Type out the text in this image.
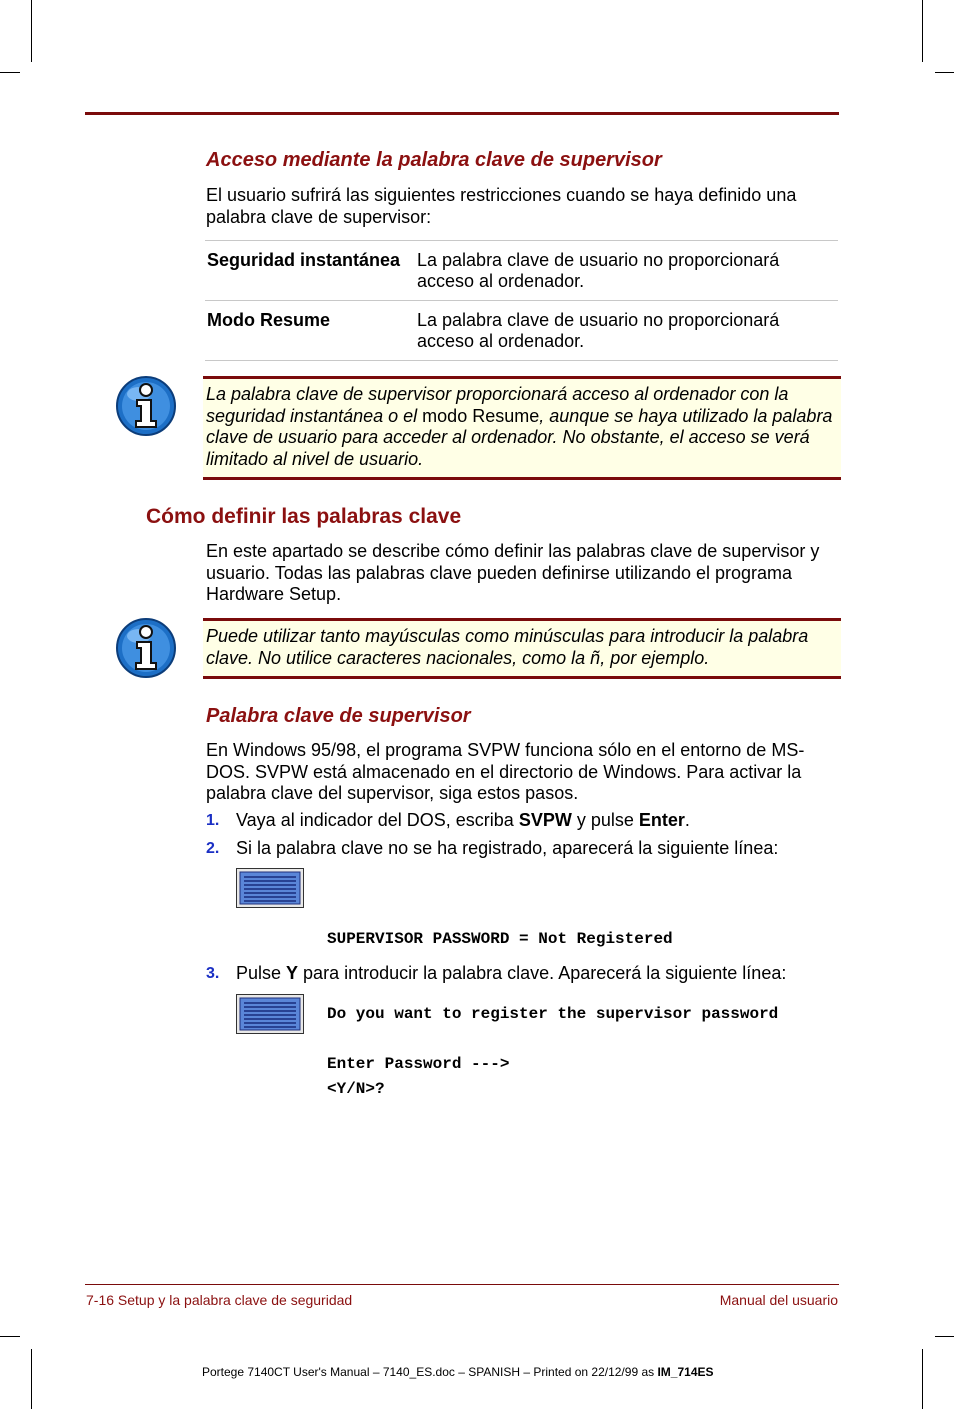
Acceso mediante la palabra clave de supervisor
El usuario sufrirá las siguientes restricciones cuando se haya definido una palabra clave de supervisor:
Seguridad instantánea La palabra clave de usuario no proporcionará acceso al ordenador.
Modo Resume	La palabra clave de usuario no proporcionará acceso al ordenador.
La palabra clave de supervisor proporcionará acceso al ordenador con la seguridad instantánea o el modo Resume, aunque se haya utilizado la palabra clave de usuario para acceder al ordenador. No obstante, el acceso se verá limitado al nivel de usuario.
Cómo definir las palabras clave
En este apartado se describe cómo definir las palabras clave de supervisor y usuario. Todas las palabras clave pueden definirse utilizando el programa Hardware Setup.
Puede utilizar tanto mayúsculas como minúsculas para introducir la palabra clave. No utilice caracteres nacionales, como la ñ, por ejemplo.
Palabra clave de supervisor
En Windows 95/98, el programa SVPW funciona sólo en el entorno de MS-DOS. SVPW está almacenado en el directorio de Windows. Para activar la palabra clave del supervisor, siga estos pasos.
1. Vaya al indicador del DOS, escriba SVPW y pulse Enter.
2. Si la palabra clave no se ha registrado, aparecerá la siguiente línea:

SUPERVISOR PASSWORD = Not Registered

Do you want to register the supervisor password

<Y/N>?

3. Pulse Y para introducir la palabra clave. Aparecerá la siguiente línea:

Enter Password --->

7-16 Setup y la palabra clave de seguridad	Manual del usuario
Portege 7140CT User's Manual – 7140_ES.doc – SPANISH – Printed on 22/12/99 as IM_714ES
